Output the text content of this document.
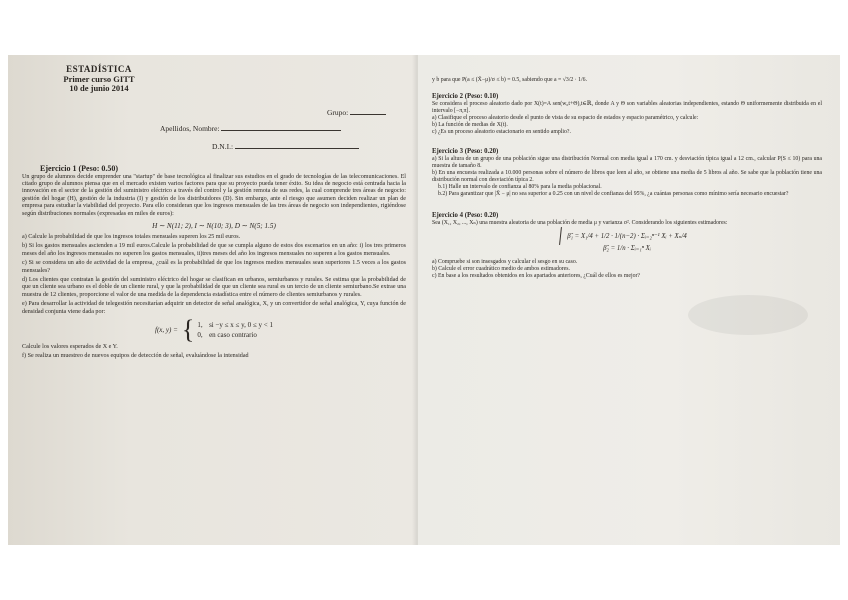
ESTADÍSTICA
Primer curso GITT
10 de junio 2014
Grupo:
Apellidos, Nombre:
D.N.I.:
Ejercicio 1 (Peso: 0.50)

Un grupo de alumnos decide emprender una "startup" de base tecnológica al finalizar sus estudios en el grado de tecnologías de las telecomunicaciones. El citado grupo de alumnos piensa que en el mercado existen varios factores para que su proyecto pueda tener éxito. Su idea de negocio está centrada hacia la innovación en el sector de la gestión del suministro eléctrico a través del control y la gestión remota de sus redes, la cual comprende tres áreas de negocio: gestión del hogar (H), gestión de la industria (I) y gestión de los distribuidores (D). Sin embargo, ante el riesgo que asumen deciden realizar un plan de empresa para estudiar la viabilidad del proyecto. Para ello consideran que los ingresos mensuales de las tres áreas de negocio son independientes, rigiéndose según distribuciones normales (expresadas en miles de euros):

H ∼ N(11; 2), I ∼ N(10; 3), D ∼ N(5; 1.5)

a) Calcule la probabilidad de que los ingresos totales mensuales superen los 25 mil euros.

b) Si los gastos mensuales ascienden a 19 mil euros.Calcule la probabilidad de que se cumpla alguno de estos dos escenarios en un año: i) los tres primeros meses del año los ingresos mensuales no superen los gastos mensuales, ii)tres meses del año los ingresos mensuales no superen a los gastos mensuales.

c) Si se considera un año de actividad de la empresa, ¿cuál es la probabilidad de que los ingresos medios mensuales sean superiores 1.5 veces a los gastos mensuales?

d) Los clientes que contratan la gestión del suministro eléctrico del hogar se clasifican en urbanos, semiurbanos y rurales. Se estima que la probabilidad de que un cliente sea urbano es el doble de un cliente rural, y que la probabilidad de que un cliente sea rural es un tercio de un cliente semiurbano.Se extrae una muestra de 12 clientes, proporcione el valor de una medida de la dependencia estadística entre el número de clientes semiurbanos y rurales.

e) Para desarrollar la actividad de telegestión necesitarían adquirir un detector de señal analógica, X, y un convertidor de señal analógica, Y, cuya función de densidad conjunta viene dada por:

f(x, y) = { 1, si −y ≤ x ≤ y, 0 ≤ y < 1
0, en caso contrario

Calcule los valores esperados de X e Y.

f) Se realiza un muestreo de nuevos equipos de detección de señal, evaluándose la intensidad

y b para que P(a ≤ (X̄−μ)/σ ≤ b) = 0.5, sabiendo que a = √3/2 · 1/6.

Ejercicio 2 (Peso: 0.10)

Se considera el proceso aleatorio dado por X(t)=A sen(w₀t+Θ),t∈ℝ, donde A y Θ son variables aleatorias independientes, estando Θ uniformemente distribuida en el intervalo [−π,π].

a) Clasifique el proceso aleatorio desde el punto de vista de su espacio de estados y espacio paramétrico, y calcule:

b) La función de medias de X(t).

c) ¿Es un proceso aleatorio estacionario en sentido amplio?.

Ejercicio 3 (Peso: 0.20)

a) Si la altura de un grupo de una población sigue una distribución Normal con media igual a 170 cm. y desviación típica igual a 12 cm., calcular P(S ≤ 10) para una muestra de tamaño 8.

b) En una encuesta realizada a 10.000 personas sobre el número de libros que leen al año, se obtiene una media de 5 libros al año. Se sabe que la población tiene una distribución normal con desviación típica 2.

b.1) Halle un intervalo de confianza al 80% para la media poblacional.

b.2) Para garantizar que |X̄ − μ| no sea superior a 0.25 con un nivel de confianza del 95%, ¿a cuántas personas como mínimo sería necesario encuestar?

Ejercicio 4 (Peso: 0.20)

Sea (X₁, X₂, ..., Xₙ) una muestra aleatoria de una población de media μ y varianza σ². Considerando los siguientes estimadores:

β̂₁ = X₁/4 + 1/2 · 1/(n−2) · Σᵢ₌₂ⁿ⁻¹ Xᵢ + Xₙ/4
β̂₂ = 1/n · Σᵢ₌₁ⁿ Xᵢ

a) Compruebe si son insesgados y calcular el sesgo en su caso.

b) Calcule el error cuadrático medio de ambos estimadores.

c) En base a los resultados obtenidos en los apartados anteriores, ¿Cuál de ellos es mejor?
